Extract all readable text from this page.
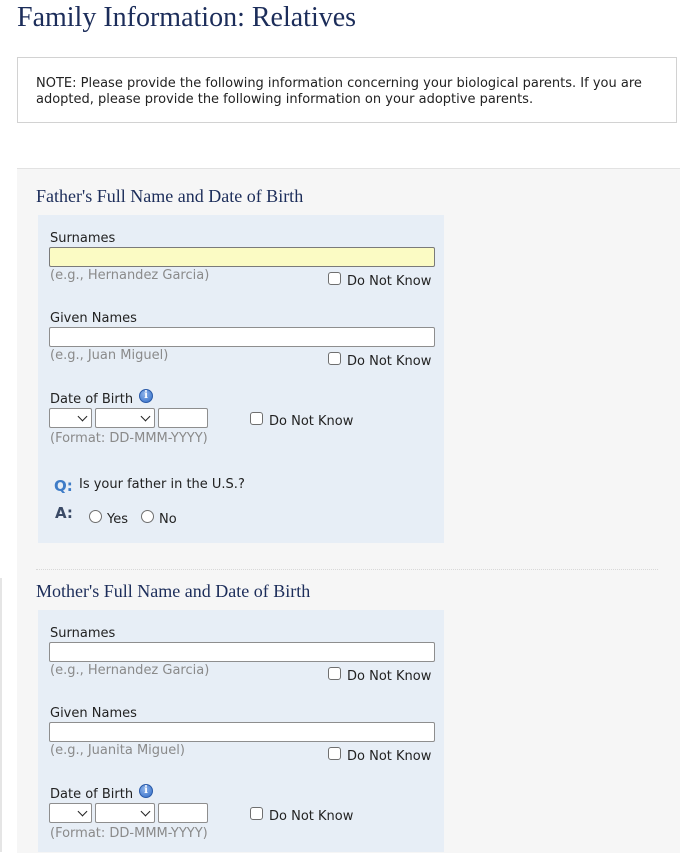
Family Information: Relatives
NOTE: Please provide the following information concerning your biological parents. If you are adopted, please provide the following information on your adoptive parents.
Father's Full Name and Date of Birth
Surnames
(e.g., Hernandez Garcia)	Do Not Know
Given Names
(e.g., Juan Miguel)	Do Not Know
Date of Birth	i
Do Not Know
(Format: DD-MMM-YYYY)
Q: Is your father in the U.S.?
A:	Yes No
Mother's Full Name and Date of Birth
Surnames
(e.g., Hernandez Garcia)	Do Not Know
Given Names
(e.g., Juanita Miguel)	Do Not Know
Date of Birth	i
Do Not Know
(Format: DD-MMM-YYYY)
